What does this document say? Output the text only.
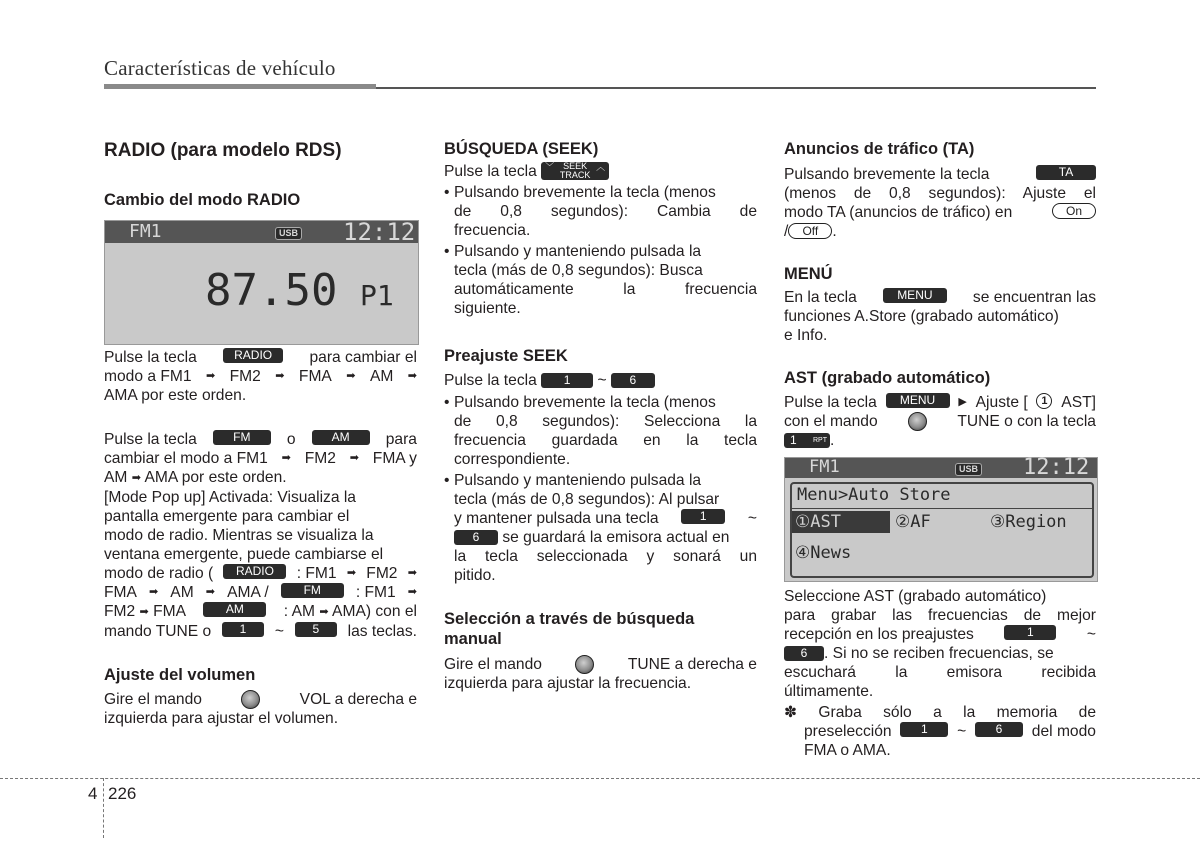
Características de vehículo
RADIO (para modelo RDS)
Cambio del modo RADIO
FM1	USB 12:12
87.50 P1
Pulse la tecla	RADIO	para cambiar el
modo a FM1 ➡ FM2 ➡ FMA ➡ AM ➡
AMA por este orden.
Pulse la tecla	FM	o	AM	para
cambiar el modo a FM1 ➡ FM2 ➡ FMA y
AM ➡ AMA por este orden.
[Mode Pop up] Activada: Visualiza la
pantalla emergente para cambiar el
modo de radio. Mientras se visualiza la
ventana emergente, puede cambiarse el
modo de radio (	RADIO	: FM1 ➡ FM2 ➡
FMA ➡ AM ➡ AMA /	FM	: FM1 ➡
FM2 ➡ FMA	AM	: AM ➡ AMA) con el
mando TUNE o	1	~	5	las teclas.
Ajuste del volumen
Gire el mando	VOL a derecha e
izquierda para ajustar el volumen.
BÚSQUEDA (SEEK)
Pulse la tecla ﹀ SEEK
TRACK
︿
• Pulsando brevemente la tecla (menos
de 0,8 segundos): Cambia de
frecuencia.
• Pulsando y manteniendo pulsada la
tecla (más de 0,8 segundos): Busca
automáticamente la frecuencia
siguiente.
Preajuste SEEK
Pulse la tecla 1 ~ 6
• Pulsando brevemente la tecla (menos
de 0,8 segundos): Selecciona la
frecuencia guardada en la tecla
correspondiente.
• Pulsando y manteniendo pulsada la
tecla (más de 0,8 segundos): Al pulsar
y mantener pulsada una tecla	1	~
6 se guardará la emisora actual en
la tecla seleccionada y sonará un
pitido.
Selección a través de búsqueda
manual
Gire el mando	TUNE a derecha e
izquierda para ajustar la frecuencia.
Anuncios de tráfico (TA)
Pulsando brevemente la tecla	TA
(menos de 0,8 segundos): Ajuste el
modo TA (anuncios de tráfico) en	On
/ Off .
MENÚ
En la tecla	MENU	se encuentran las
funciones A.Store (grabado automático)
e Info.
AST (grabado automático)
Pulse la tecla	MENU	▶ Ajuste [	1 AST]
con el mando	TUNE o con la tecla
1 RPT .
FM1	USB 12:12
Menu>Auto Store
①AST	②AF	③Region
④News
Seleccione AST (grabado automático)
para grabar las frecuencias de mejor
recepción en los preajustes	1	~
6 . Si no se reciben frecuencias, se
escuchará la emisora recibida
últimamente.
✽ Graba sólo a la memoria de
preselección	1	~	6	del modo
FMA o AMA.
4 226
